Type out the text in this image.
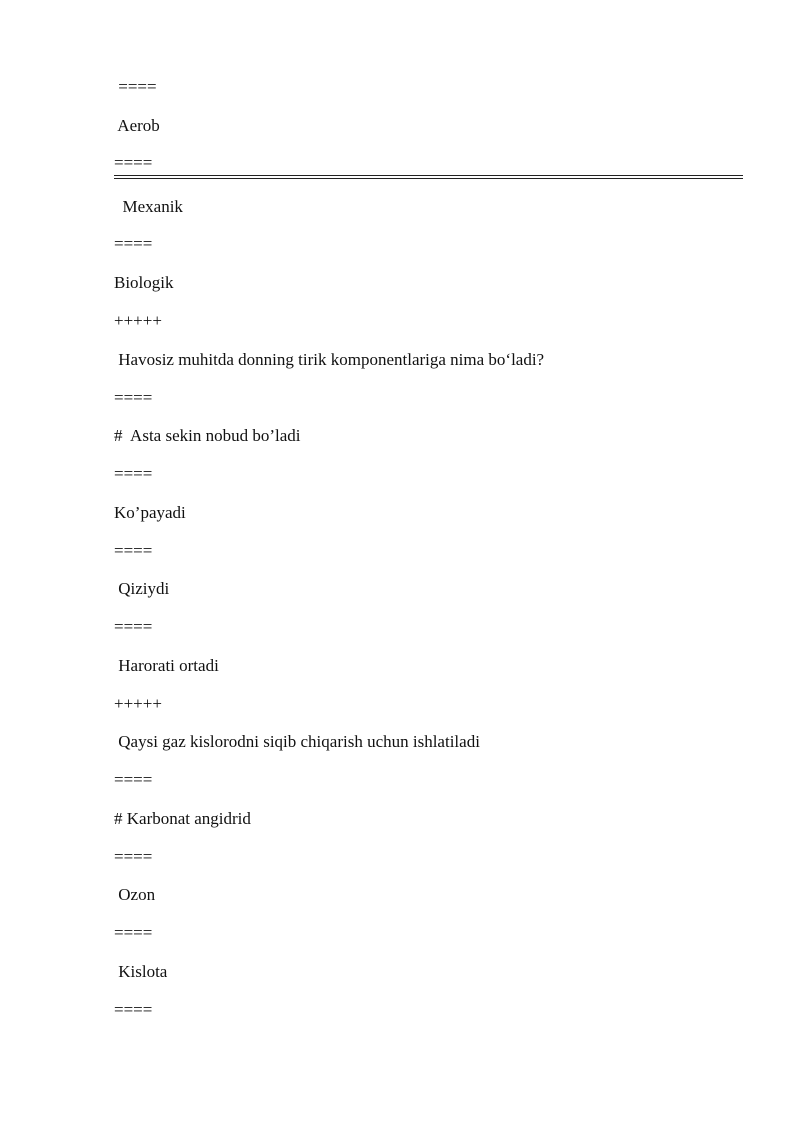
====
Aerob
====
Mexanik
====
Biologik
+++++
Havosiz muhitda donning tirik komponentlariga nima bo‘ladi?
====
#  Asta sekin nobud bo’ladi
====
Ko’payadi
====
Qiziydi
====
Harorati ortadi
+++++
Qaysi gaz kislorodni siqib chiqarish uchun ishlatiladi
====
# Karbonat angidrid
====
Ozon
====
Kislota
====
